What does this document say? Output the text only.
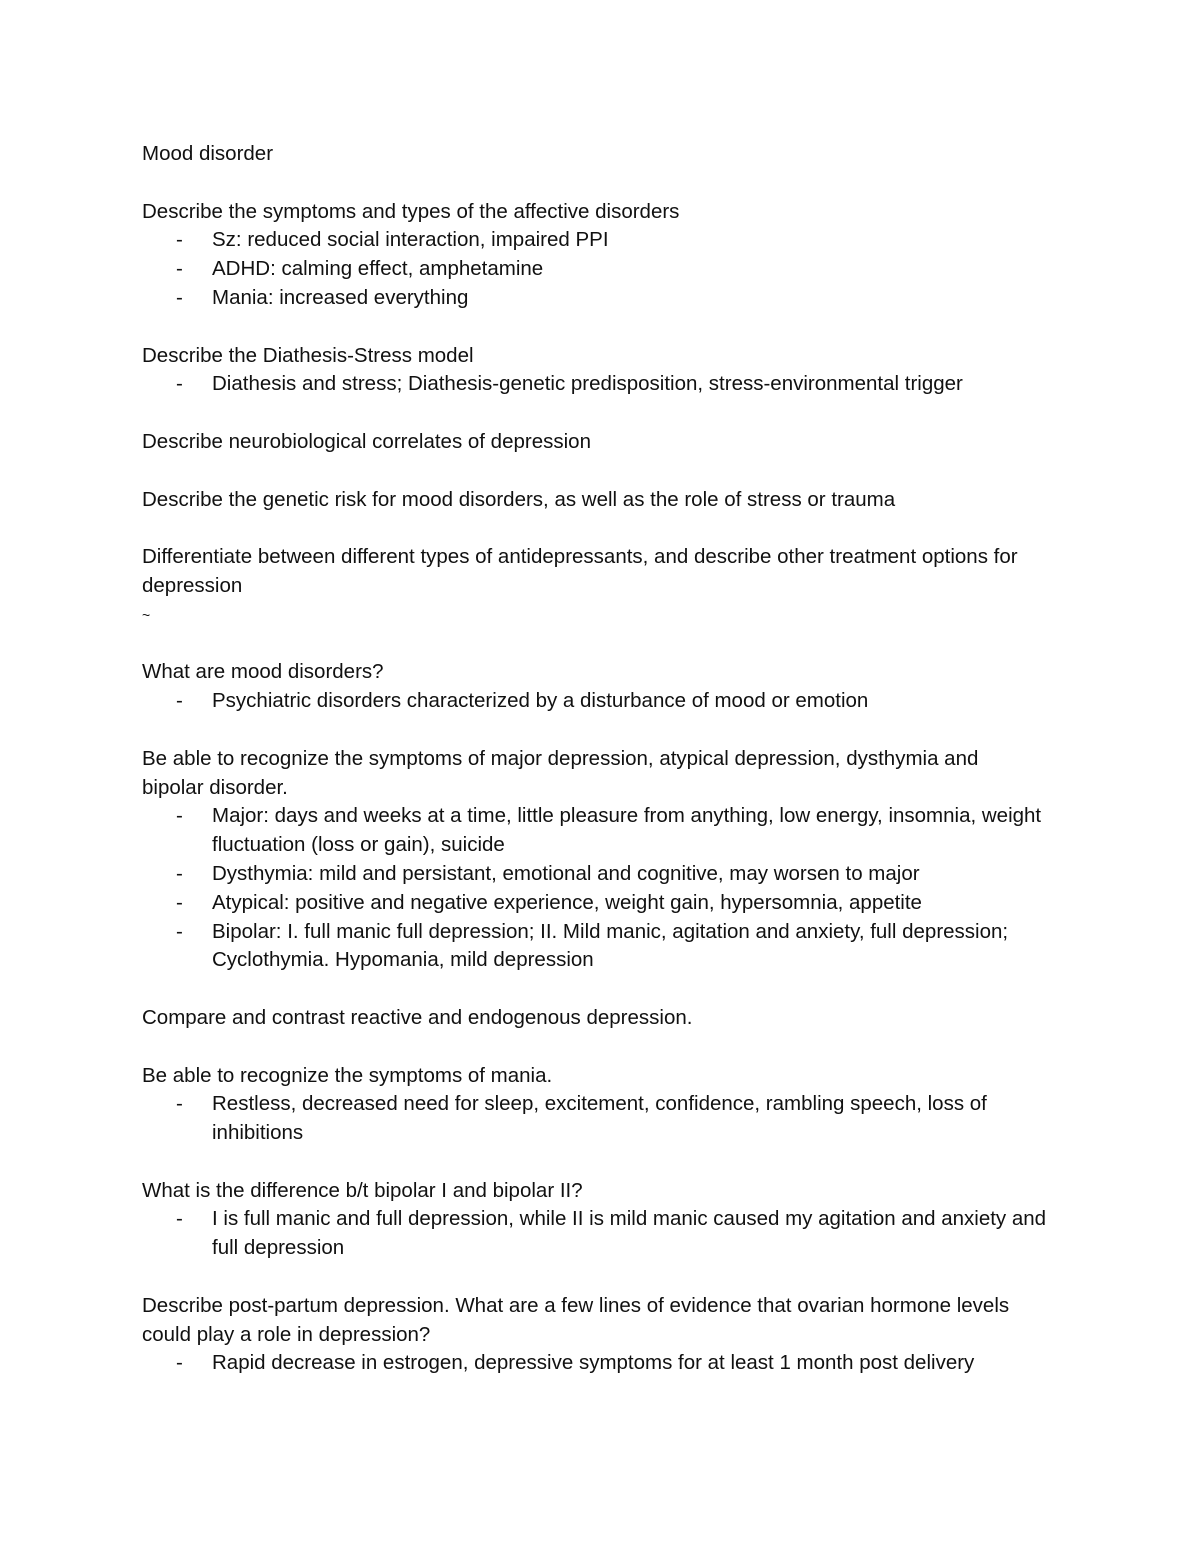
Mood disorder
Describe the symptoms and types of the affective disorders
- Sz: reduced social interaction, impaired PPI
- ADHD: calming effect, amphetamine
- Mania: increased everything
Describe the Diathesis-Stress model
- Diathesis and stress; Diathesis-genetic predisposition, stress-environmental trigger
Describe neurobiological correlates of depression
Describe the genetic risk for mood disorders, as well as the role of stress or trauma
Differentiate between different types of antidepressants, and describe other treatment options for depression
~
What are mood disorders?
- Psychiatric disorders characterized by a disturbance of mood or emotion
Be able to recognize the symptoms of major depression, atypical depression, dysthymia and bipolar disorder.
- Major: days and weeks at a time, little pleasure from anything, low energy, insomnia, weight fluctuation (loss or gain), suicide
- Dysthymia: mild and persistant, emotional and cognitive, may worsen to major
- Atypical: positive and negative experience, weight gain, hypersomnia, appetite
- Bipolar: I. full manic full depression; II. Mild manic, agitation and anxiety, full depression; Cyclothymia. Hypomania, mild depression
Compare and contrast reactive and endogenous depression.
Be able to recognize the symptoms of mania.
- Restless, decreased need for sleep, excitement, confidence, rambling speech, loss of inhibitions
What is the difference b/t bipolar I and bipolar II?
- I is full manic and full depression, while II is mild manic caused my agitation and anxiety and full depression
Describe post-partum depression. What are a few lines of evidence that ovarian hormone levels could play a role in depression?
- Rapid decrease in estrogen, depressive symptoms for at least 1 month post delivery
